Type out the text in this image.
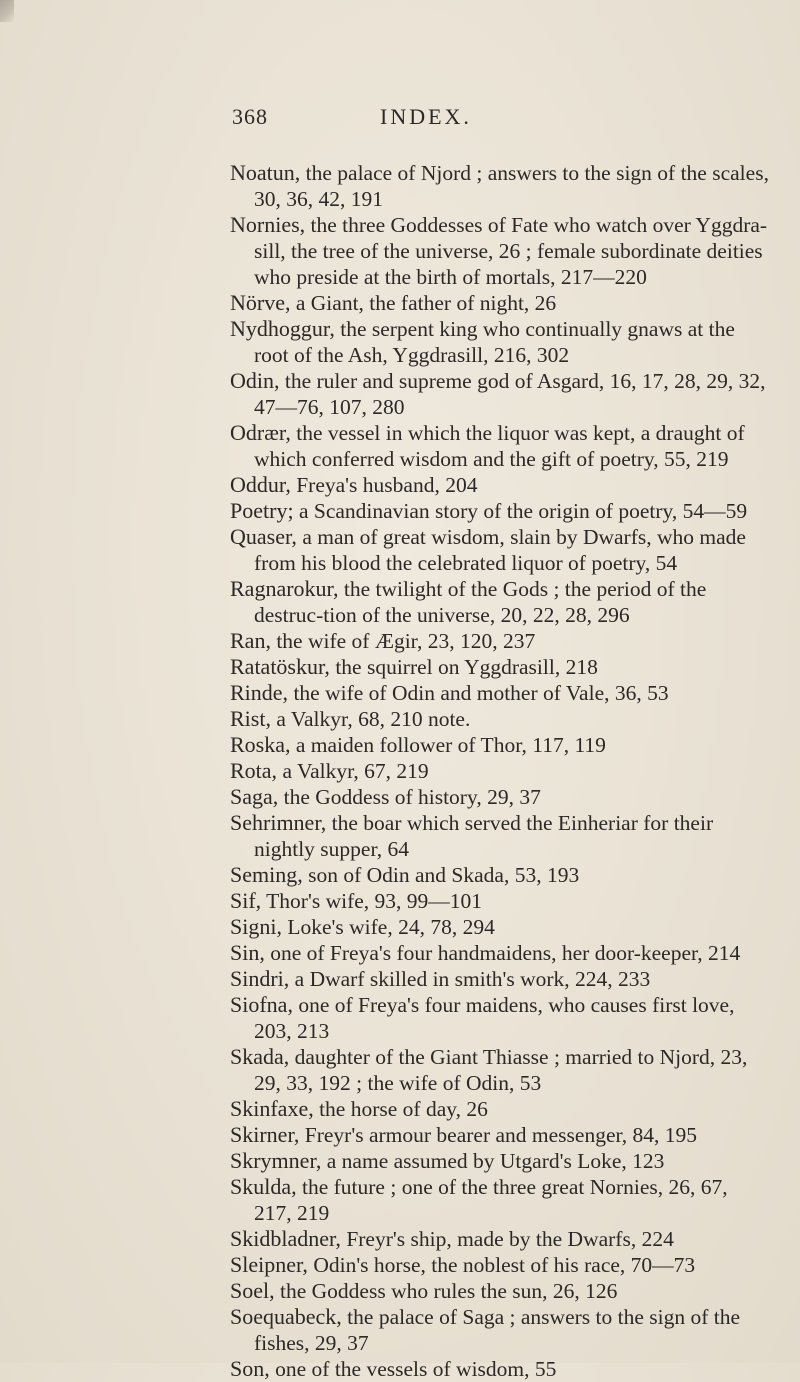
368	INDEX.
Noatun, the palace of Njord ; answers to the sign of the scales, 30, 36, 42, 191
Nornies, the three Goddesses of Fate who watch over Yggdra-sill, the tree of the universe, 26 ; female subordinate deities who preside at the birth of mortals, 217—220
Nörve, a Giant, the father of night, 26
Nydhoggur, the serpent king who continually gnaws at the root of the Ash, Yggdrasill, 216, 302
Odin, the ruler and supreme god of Asgard, 16, 17, 28, 29, 32, 47—76, 107, 280
Odrær, the vessel in which the liquor was kept, a draught of which conferred wisdom and the gift of poetry, 55, 219
Oddur, Freya's husband, 204
Poetry; a Scandinavian story of the origin of poetry, 54—59
Quaser, a man of great wisdom, slain by Dwarfs, who made from his blood the celebrated liquor of poetry, 54
Ragnarokur, the twilight of the Gods ; the period of the destruc-tion of the universe, 20, 22, 28, 296
Ran, the wife of Ægir, 23, 120, 237
Ratatöskur, the squirrel on Yggdrasill, 218
Rinde, the wife of Odin and mother of Vale, 36, 53
Rist, a Valkyr, 68, 210 note.
Roska, a maiden follower of Thor, 117, 119
Rota, a Valkyr, 67, 219
Saga, the Goddess of history, 29, 37
Sehrimner, the boar which served the Einheriar for their nightly supper, 64
Seming, son of Odin and Skada, 53, 193
Sif, Thor's wife, 93, 99—101
Signi, Loke's wife, 24, 78, 294
Sin, one of Freya's four handmaidens, her door-keeper, 214
Sindri, a Dwarf skilled in smith's work, 224, 233
Siofna, one of Freya's four maidens, who causes first love, 203, 213
Skada, daughter of the Giant Thiasse ; married to Njord, 23, 29, 33, 192 ; the wife of Odin, 53
Skinfaxe, the horse of day, 26
Skirner, Freyr's armour bearer and messenger, 84, 195
Skrymner, a name assumed by Utgard's Loke, 123
Skulda, the future ; one of the three great Nornies, 26, 67, 217, 219
Skidbladner, Freyr's ship, made by the Dwarfs, 224
Sleipner, Odin's horse, the noblest of his race, 70—73
Soel, the Goddess who rules the sun, 26, 126
Soequabeck, the palace of Saga ; answers to the sign of the fishes, 29, 37
Son, one of the vessels of wisdom, 55
